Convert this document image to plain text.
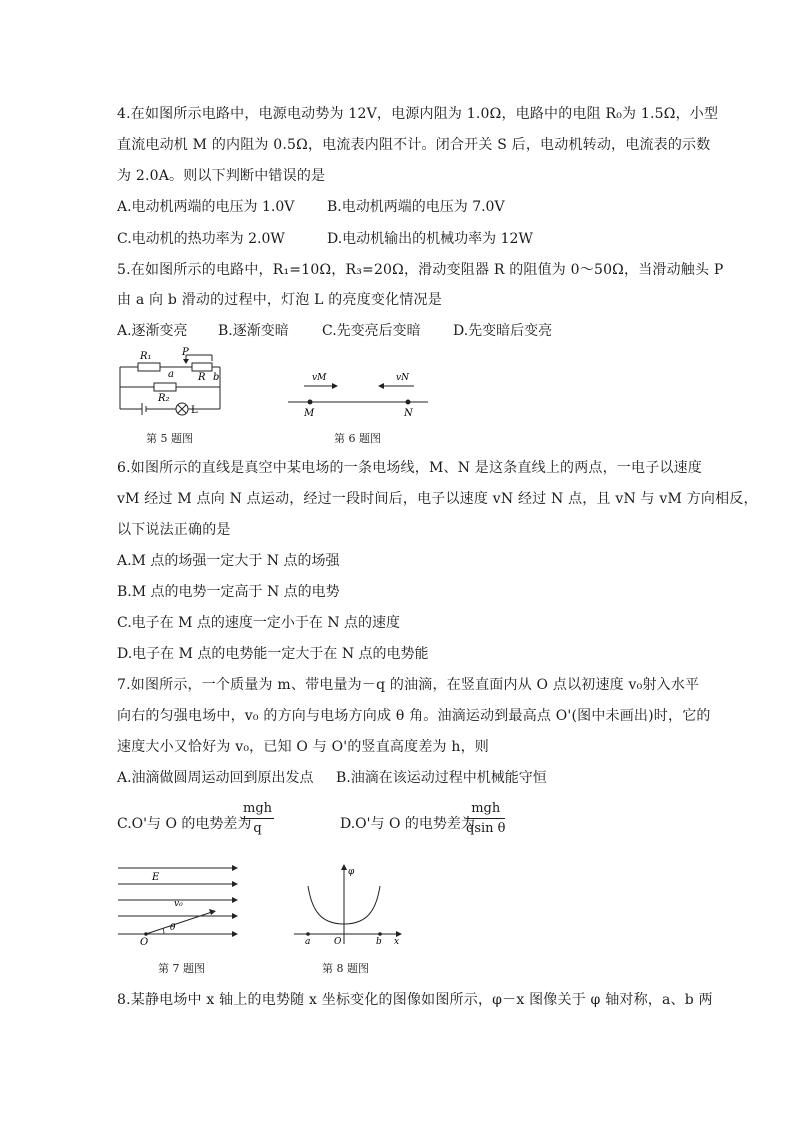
4.在如图所示电路中，电源电动势为 12V，电源内阻为 1.0Ω，电路中的电阻 R₀为 1.5Ω，小型
直流电动机 M 的内阻为 0.5Ω，电流表内阻不计。闭合开关 S 后，电动机转动，电流表的示数
为 2.0A。则以下判断中错误的是
A.电动机两端的电压为 1.0V B.电动机两端的电压为 7.0V
C.电动机的热功率为 2.0W	D.电动机输出的机械功率为 12W
5.在如图所示的电路中，R₁=10Ω，R₃=20Ω，滑动变阻器 R 的阻值为 0～50Ω，当滑动触头 P
由 a 向 b 滑动的过程中，灯泡 L 的亮度变化情况是
A.逐渐变亮 B.逐渐变暗 C.先变亮后变暗 D.先变暗后变亮
R₁	P
a R b
R₂
L
第 5 题图
vM	vN
M	N
第 6 题图
6.如图所示的直线是真空中某电场的一条电场线，M、N 是这条直线上的两点，一电子以速度
vM 经过 M 点向 N 点运动，经过一段时间后，电子以速度 vN 经过 N 点，且 vN 与 vM 方向相反，
以下说法正确的是
A.M 点的场强一定大于 N 点的场强
B.M 点的电势一定高于 N 点的电势
C.电子在 M 点的速度一定小于在 N 点的速度
D.电子在 M 点的电势能一定大于在 N 点的电势能
7.如图所示，一个质量为 m、带电量为－q 的油滴，在竖直面内从 O 点以初速度 v₀射入水平
向右的匀强电场中，v₀ 的方向与电场方向成 θ 角。油滴运动到最高点 O'(图中未画出)时，它的
速度大小又恰好为 v₀，已知 O 与 O'的竖直高度差为 h，则
A.油滴做圆周运动回到原出发点 B.油滴在该运动过程中机械能守恒
C.O'与 O 的电势差为
mgh
q	D.O'与 O 的电势差为
mgh
qsin θ
E
v₀
θ
O
第 7 题图
φ
a	O	b x
第 8 题图
8.某静电场中 x 轴上的电势随 x 坐标变化的图像如图所示，φ－x 图像关于 φ 轴对称，a、b 两
